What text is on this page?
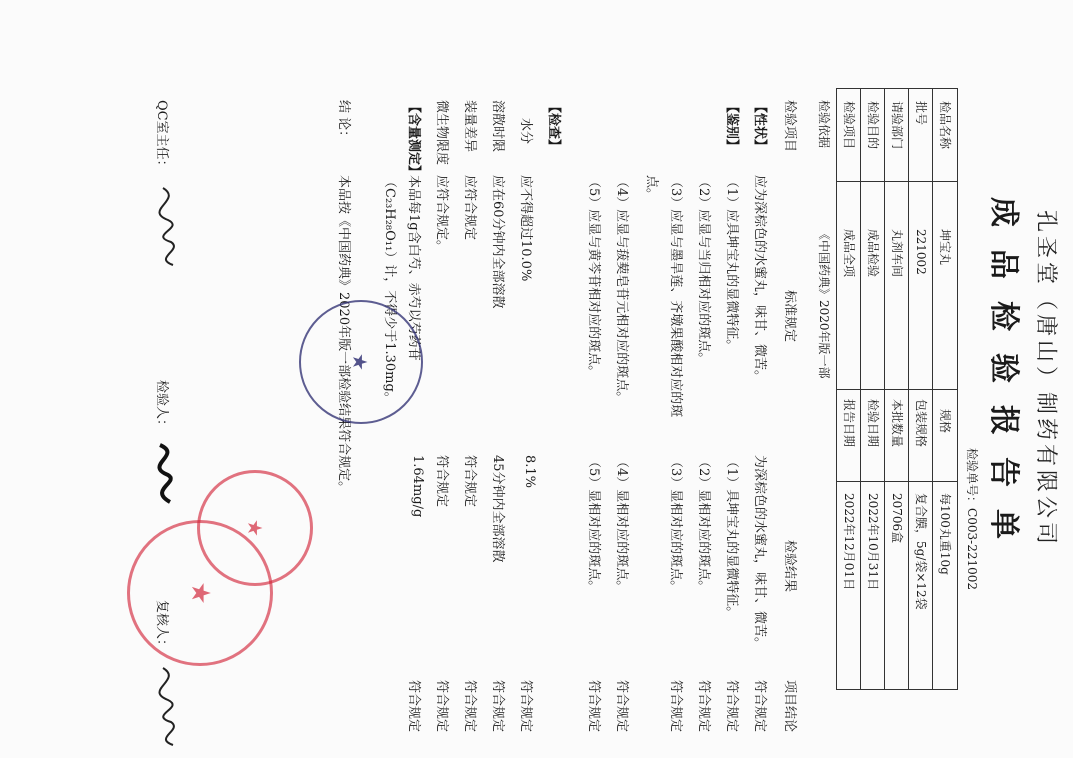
孔圣堂（唐山）制药有限公司
成品检验报告单
检验单号：C003-221002
检品名称
坤宝丸
规格
每100丸重10g
批号
221002
包装规格
复合膜，5g/袋×12袋
请验部门
丸剂车间
本批数量
20706盒
检验目的
成品检验
检验日期
2022年10月31日
检验项目
成品全项
报告日期
2022年12月01日
检验依据
《中国药典》2020年版一部
检验项目
标准规定
检验结果
项目结论
【性状】
应为深棕色的水蜜丸，味甘、微苦。
为深棕色的水蜜丸，味甘、微苦。
符合规定
【鉴别】
（1）应具坤宝丸的显微特征。
（1）具坤宝丸的显微特征。
符合规定
（2）应显与当归相对应的斑点。
（2）显相对应的斑点。
符合规定
（3）应显与墨旱莲、齐墩果酸相对应的斑点。
（3）显相对应的斑点。
符合规定
（4）应显与菝葜皂苷元相对应的斑点。
（4）显相对应的斑点。
符合规定
（5）应显与黄芩苷相对应的斑点。
（5）显相对应的斑点。
符合规定
【检查】
水分
应不得超过10.0%
8.1%
符合规定
溶散时限
应在60分钟内全部溶散
45分钟内全部溶散
符合规定
装量差异
应符合规定
符合规定
符合规定
微生物限度
应符合规定。
符合规定
符合规定
【含量测定】
本品每1g含白芍、赤芍以芍药苷（C₂₃H₂₈O₁₁）计，不得少于1.30mg。
1.64mg/g
符合规定
结 论：
本品按《中国药典》2020年版一部检验结果符合规定。
QC室主任：
检验人：
复核人：
★
★
★
